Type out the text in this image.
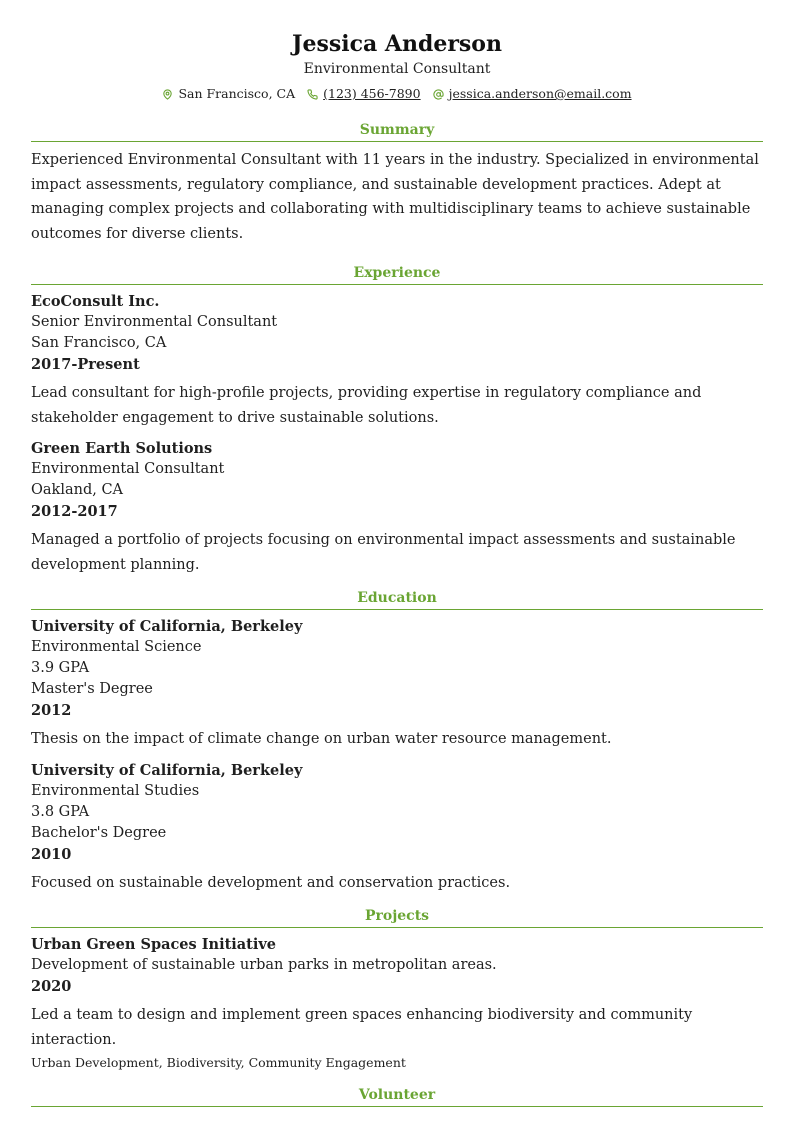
Jessica Anderson
Environmental Consultant
San Francisco, CA (123) 456-7890 jessica.anderson@email.com
Summary

Experienced Environmental Consultant with 11 years in the industry. Specialized in environmental impact assessments, regulatory compliance, and sustainable development practices. Adept at managing complex projects and collaborating with multidisciplinary teams to achieve sustainable outcomes for diverse clients.

Experience
EcoConsult Inc.
Senior Environmental Consultant
San Francisco, CA
2017-Present
Lead consultant for high-profile projects, providing expertise in regulatory compliance and stakeholder engagement to drive sustainable solutions.
Green Earth Solutions
Environmental Consultant
Oakland, CA
2012-2017
Managed a portfolio of projects focusing on environmental impact assessments and sustainable development planning.
Education
University of California, Berkeley
Environmental Science
3.9 GPA
Master's Degree
2012
Thesis on the impact of climate change on urban water resource management.
University of California, Berkeley
Environmental Studies
3.8 GPA
Bachelor's Degree
2010
Focused on sustainable development and conservation practices.
Projects
Urban Green Spaces Initiative
Development of sustainable urban parks in metropolitan areas.
2020
Led a team to design and implement green spaces enhancing biodiversity and community interaction.
Urban Development, Biodiversity, Community Engagement
Volunteer
